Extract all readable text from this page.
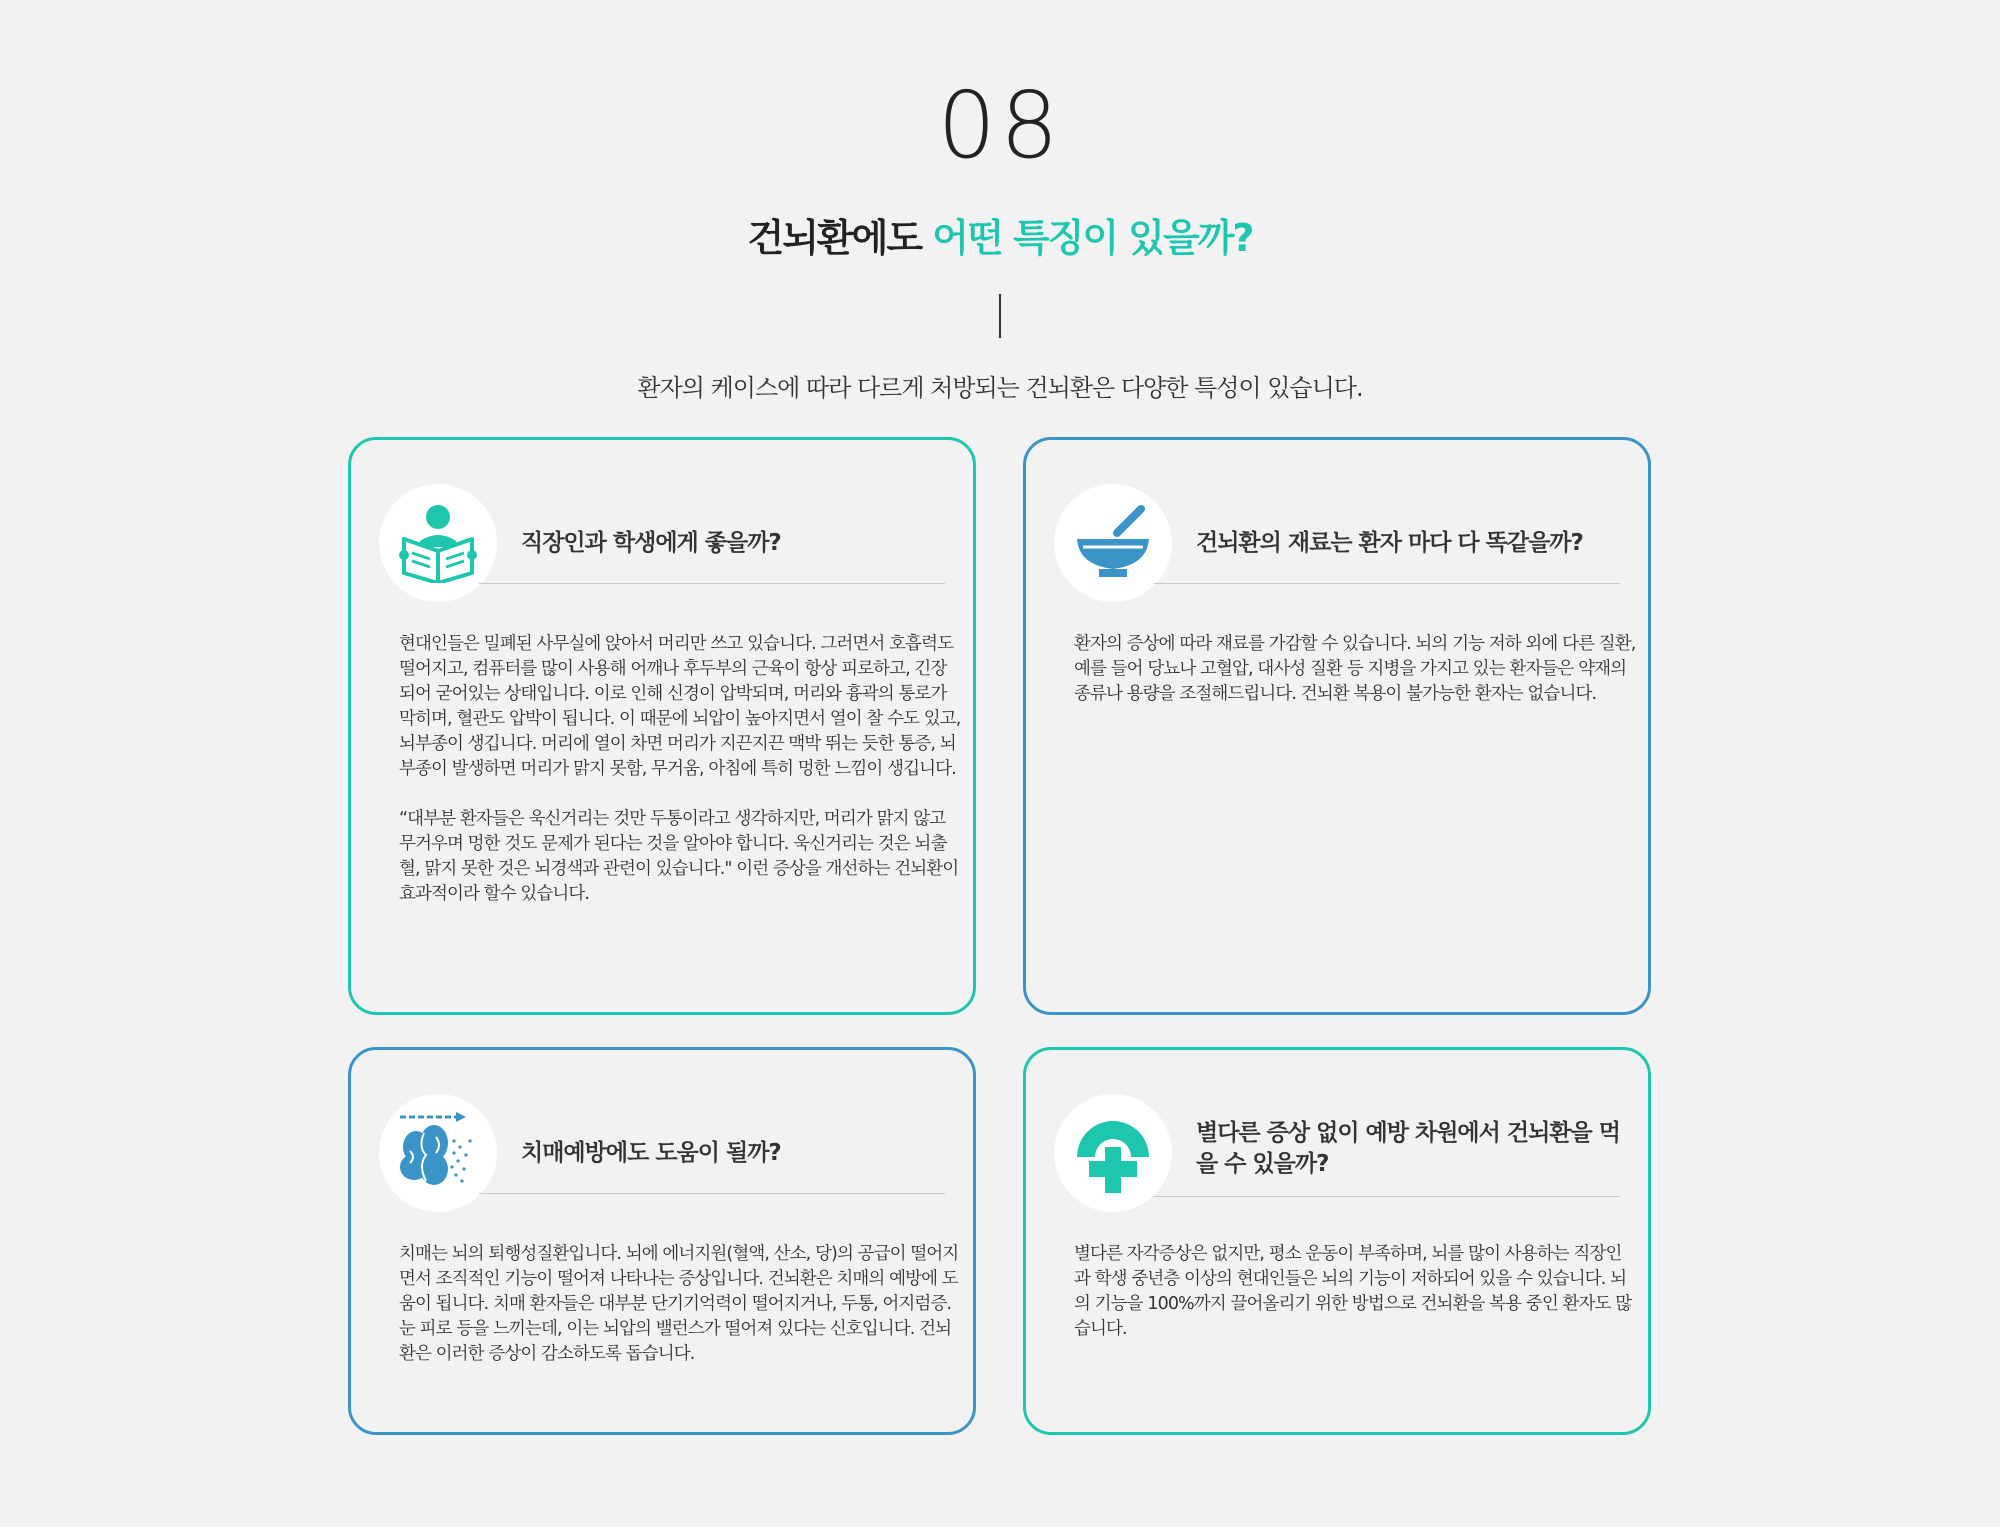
08
건뇌환에도 어떤 특징이 있을까?
환자의 케이스에 따라 다르게 처방되는 건뇌환은 다양한 특성이 있습니다.
직장인과 학생에게 좋을까?

현대인들은 밀폐된 사무실에 앉아서 머리만 쓰고 있습니다. 그러면서 호흡력도 떨어지고, 컴퓨터를 많이 사용해 어깨나 후두부의 근육이 항상 피로하고, 긴장되어 굳어있는 상태입니다. 이로 인해 신경이 압박되며, 머리와 흉곽의 통로가 막히며, 혈관도 압박이 됩니다. 이 때문에 뇌압이 높아지면서 열이 찰 수도 있고, 뇌부종이 생깁니다. 머리에 열이 차면 머리가 지끈지끈 맥박 뛰는 듯한 통증, 뇌부종이 발생하면 머리가 맑지 못함, 무거움, 아침에 특히 멍한 느낌이 생깁니다.

“대부분 환자들은 욱신거리는 것만 두통이라고 생각하지만, 머리가 맑지 않고 무거우며 멍한 것도 문제가 된다는 것을 알아야 합니다. 욱신거리는 것은 뇌출혈, 맑지 못한 것은 뇌경색과 관련이 있습니다." 이런 증상을 개선하는 건뇌환이 효과적이라 할수 있습니다.

건뇌환의 재료는 환자 마다 다 똑같을까?

환자의 증상에 따라 재료를 가감할 수 있습니다. 뇌의 기능 저하 외에 다른 질환, 예를 들어 당뇨나 고혈압, 대사성 질환 등 지병을 가지고 있는 환자들은 약재의 종류나 용량을 조절해드립니다. 건뇌환 복용이 불가능한 환자는 없습니다.

치매예방에도 도움이 될까?

치매는 뇌의 퇴행성질환입니다. 뇌에 에너지원(혈액, 산소, 당)의 공급이 떨어지면서 조직적인 기능이 떨어져 나타나는 증상입니다. 건뇌환은 치매의 예방에 도움이 됩니다. 치매 환자들은 대부분 단기기억력이 떨어지거나, 두통, 어지럼증. 눈 피로 등을 느끼는데, 이는 뇌압의 밸런스가 떨어져 있다는 신호입니다. 건뇌환은 이러한 증상이 감소하도록 돕습니다.

별다른 증상 없이 예방 차원에서 건뇌환을 먹을 수 있을까?

별다른 자각증상은 없지만, 평소 운동이 부족하며, 뇌를 많이 사용하는 직장인과 학생 중년층 이상의 현대인들은 뇌의 기능이 저하되어 있을 수 있습니다. 뇌의 기능을 100%까지 끌어올리기 위한 방법으로 건뇌환을 복용 중인 환자도 많습니다.
